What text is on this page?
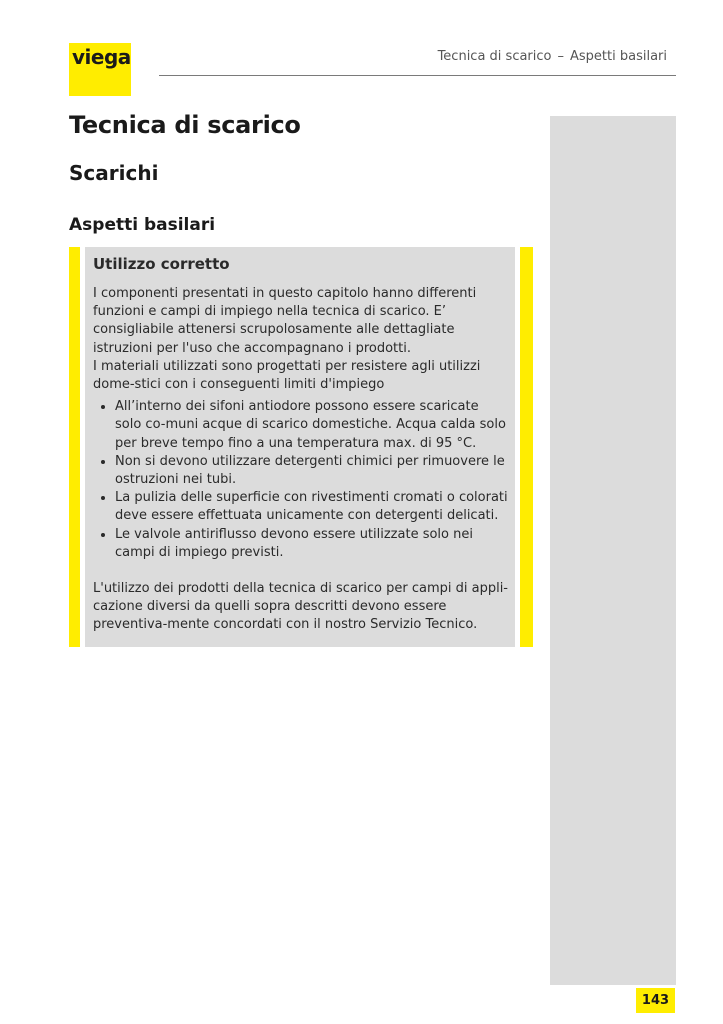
viega	Tecnica di scarico – Aspetti basilari
Tecnica di scarico
Scarichi
Aspetti basilari
Utilizzo corretto

I componenti presentati in questo capitolo hanno differenti funzioni e campi di impiego nella tecnica di scarico. E’ consigliabile attenersi scrupolosamente alle dettagliate istruzioni per l'uso che accompagnano i prodotti.

I materiali utilizzati sono progettati per resistere agli utilizzi dome-stici con i conseguenti limiti d'impiego

• All’interno dei sifoni antiodore possono essere scaricate solo co-muni acque di scarico domestiche. Acqua calda solo per breve tempo fino a una temperatura max. di 95 °C.
• Non si devono utilizzare detergenti chimici per rimuovere le ostruzioni nei tubi.
• La pulizia delle superficie con rivestimenti cromati o colorati deve essere effettuata unicamente con detergenti delicati.
• Le valvole antiriflusso devono essere utilizzate solo nei campi di impiego previsti.

L'utilizzo dei prodotti della tecnica di scarico per campi di appli-cazione diversi da quelli sopra descritti devono essere preventiva-mente concordati con il nostro Servizio Tecnico.

143
